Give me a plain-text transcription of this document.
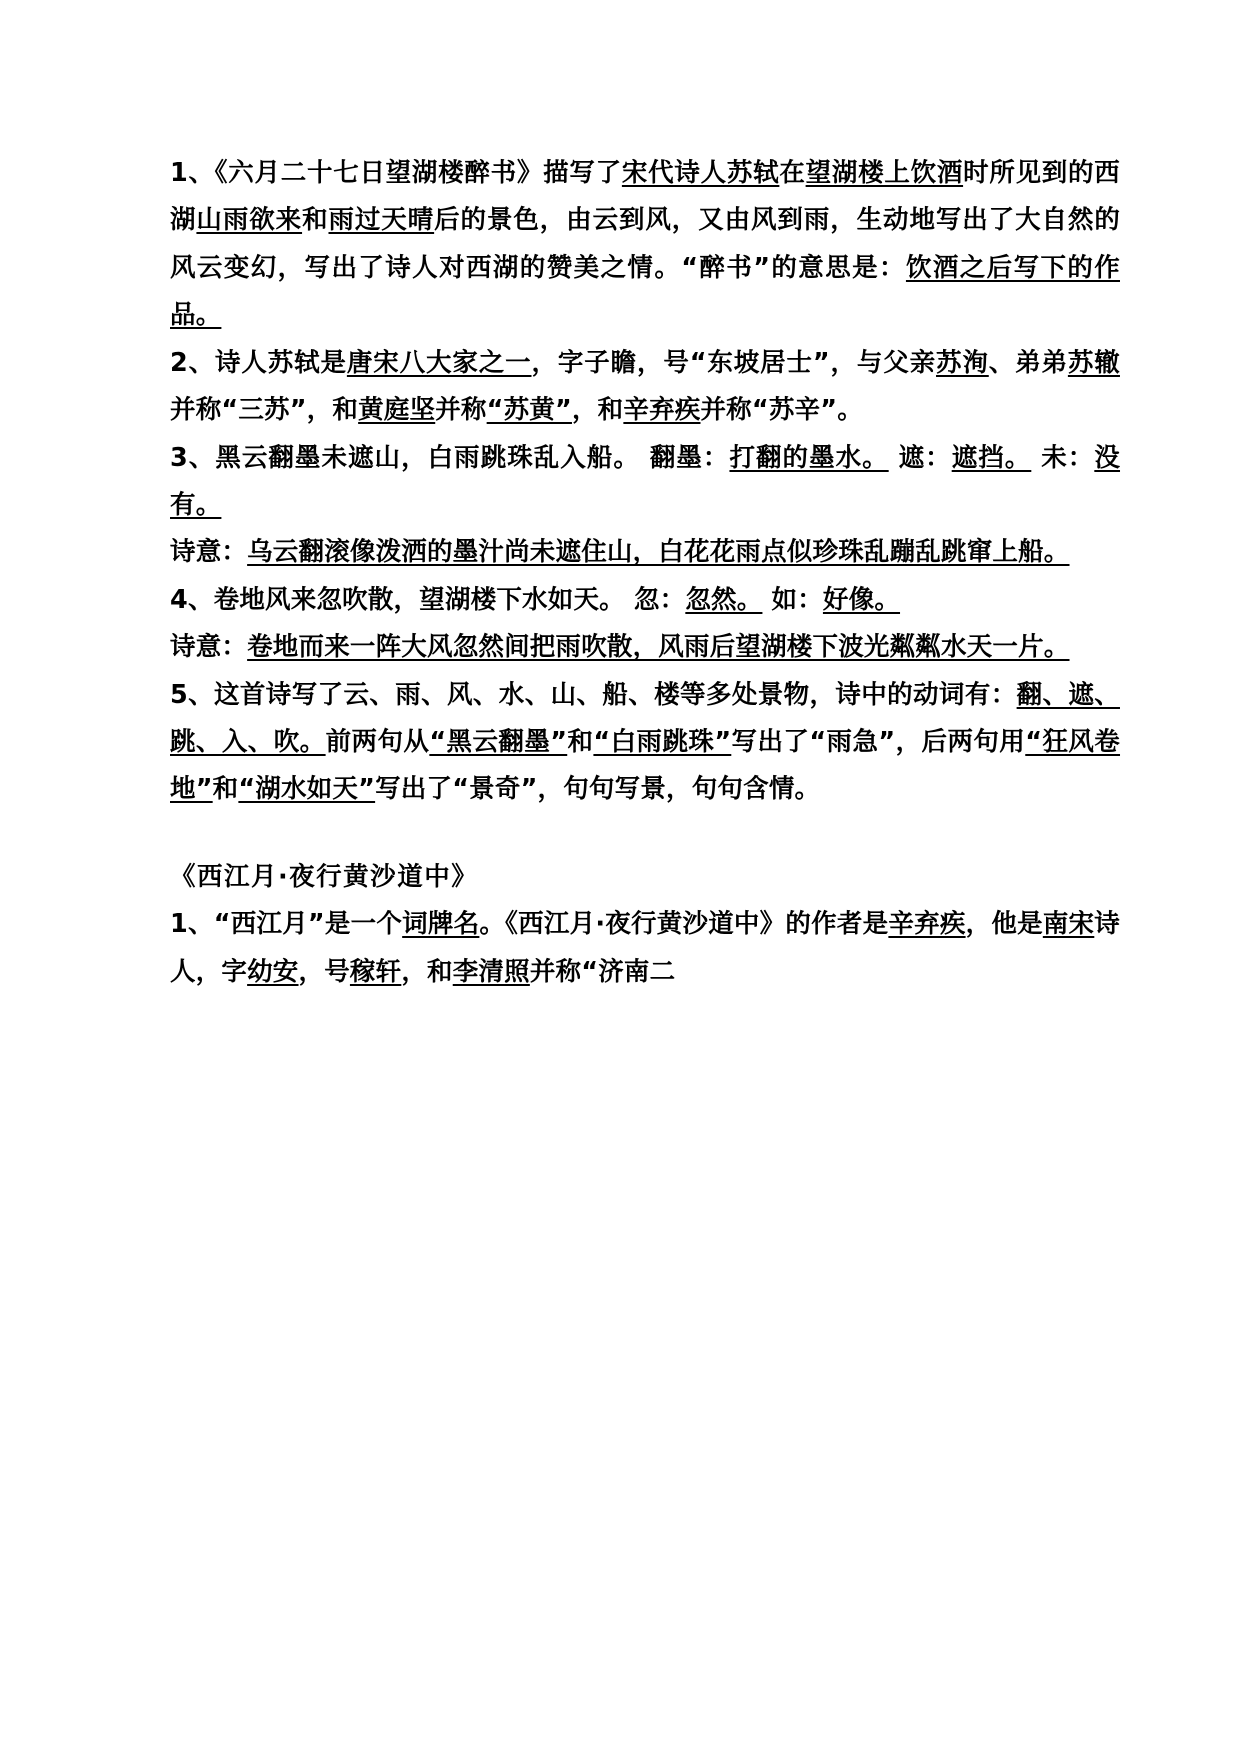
1、《六月二十七日望湖楼醉书》描写了宋代诗人苏轼在望湖楼上饮酒时所见到的西湖山雨欲来和雨过天晴后的景色，由云到风，又由风到雨，生动地写出了大自然的风云变幻，写出了诗人对西湖的赞美之情。“醉书”的意思是：饮酒之后写下的作品。

2、诗人苏轼是唐宋八大家之一，字子瞻，号“东坡居士”，与父亲苏洵、弟弟苏辙并称“三苏”，和黄庭坚并称“苏黄”，和辛弃疾并称“苏辛”。

3、黑云翻墨未遮山，白雨跳珠乱入船。 翻墨：打翻的墨水。 遮：遮挡。 未：没有。

诗意：乌云翻滚像泼洒的墨汁尚未遮住山，白花花雨点似珍珠乱蹦乱跳窜上船。

4、卷地风来忽吹散，望湖楼下水如天。 忽：忽然。 如：好像。

诗意：卷地而来一阵大风忽然间把雨吹散，风雨后望湖楼下波光粼粼水天一片。

5、这首诗写了云、雨、风、水、山、船、楼等多处景物，诗中的动词有：翻、遮、跳、入、吹。前两句从“黑云翻墨”和“白雨跳珠”写出了“雨急”，后两句用“狂风卷地”和“湖水如天”写出了“景奇”，句句写景，句句含情。

《西江月·夜行黄沙道中》

1、“西江月”是一个词牌名。《西江月·夜行黄沙道中》的作者是辛弃疾，他是南宋诗人，字幼安，号稼轩，和李清照并称“济南二
